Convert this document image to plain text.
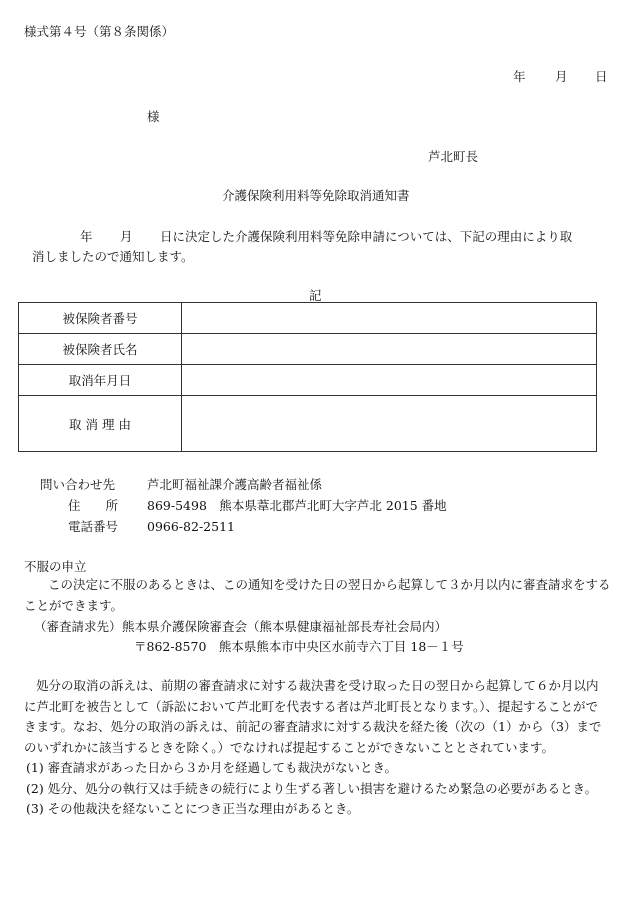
様式第４号（第８条関係）
年 月 日
様
芦北町長
介護保険利用料等免除取消通知書
年 月 日に決定した介護保険利用料等免除申請については、下記の理由により取
消しましたので通知します。
記
被保険者番号	
被保険者氏名	
取消年月日	
取 消 理 由	
問い合わせ先	芦北町福祉課介護高齢者福祉係
住　　所	869-5498　熊本県葦北郡芦北町大字芦北 2015 番地
電話番号	0966-82-2511
不服の申立
この決定に不服のあるときは、この通知を受けた日の翌日から起算して３か月以内に審査請求をする
ことができます。
（審査請求先） 熊本県介護保険審査会（熊本県健康福祉部長寿社会局内）
〒862-8570　熊本県熊本市中央区水前寺六丁目 18－１号
処分の取消の訴えは、前期の審査請求に対する裁決書を受け取った日の翌日から起算して６か月以内
に芦北町を被告として（訴訟において芦北町を代表する者は芦北町長となります。）、提起することがで
きます。なお、処分の取消の訴えは、前記の審査請求に対する裁決を経た後（次の（1）から（3）まで
のいずれかに該当するときを除く。）でなければ提起することができないこととされています。
(1) 審査請求があった日から３か月を経過しても裁決がないとき。
(2) 処分、処分の執行又は手続きの続行により生ずる著しい損害を避けるため緊急の必要があるとき。
(3) その他裁決を経ないことにつき正当な理由があるとき。
